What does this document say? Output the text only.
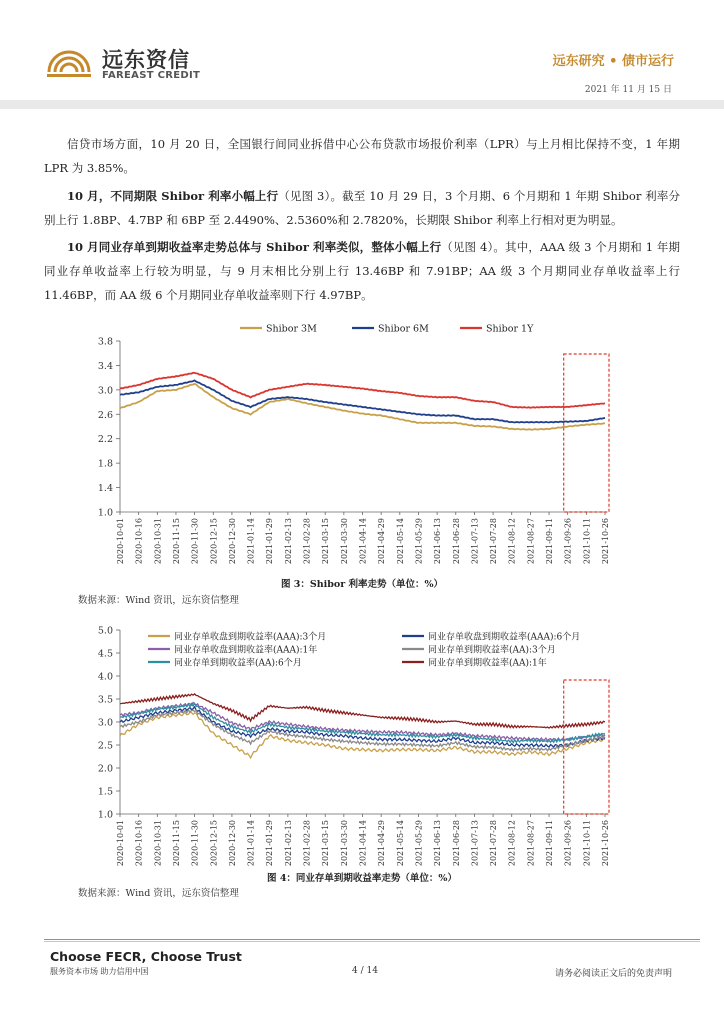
远东资信
FAREAST CREDIT
远东研究 • 债市运行
2021 年 11 月 15 日
信贷市场方面，10 月 20 日，全国银行间同业拆借中心公布贷款市场报价利率（LPR）与上月相比保持不变，1 年期 LPR 为 3.85%。
10 月，不同期限 Shibor 利率小幅上行（见图 3）。截至 10 月 29 日，3 个月期、6 个月期和 1 年期 Shibor 利率分别上行 1.8BP、4.7BP 和 6BP 至 2.4490%、2.5360%和 2.7820%，长期限 Shibor 利率上行相对更为明显。
10 月同业存单到期收益率走势总体与 Shibor 利率类似，整体小幅上行（见图 4）。其中，AAA 级 3 个月期和 1 年期同业存单收益率上行较为明显，与 9 月末相比分别上行 13.46BP 和 7.91BP；AA 级 3 个月期同业存单收益率上行 11.46BP，而 AA 级 6 个月期同业存单收益率则下行 4.97BP。
1.0
1.4
1.8
2.2
2.6
3.0
3.4
3.8
2020-10-01 2020-10-16 2020-10-31 2020-11-15 2020-11-30 2020-12-15 2020-12-30 2021-01-14 2021-01-29 2021-02-13 2021-02-28 2021-03-15 2021-03-30 2021-04-14 2021-04-29 2021-05-14 2021-05-29 2021-06-13 2021-06-28 2021-07-13 2021-07-28 2021-08-12 2021-08-27 2021-09-11 2021-09-26 2021-10-11 2021-10-26
Shibor 3M	Shibor 6M	Shibor 1Y
图 3：Shibor 利率走势（单位：%）
数据来源：Wind 资讯，远东资信整理
1.0
1.5
2.0
2.5
3.0
3.5
4.0
4.5
5.0
2020-10-01 2020-10-16 2020-10-31 2020-11-15 2020-11-30 2020-12-15 2020-12-30 2021-01-14 2021-01-29 2021-02-13 2021-02-28 2021-03-15 2021-03-30 2021-04-14 2021-04-29 2021-05-14 2021-05-29 2021-06-13 2021-06-28 2021-07-13 2021-07-28 2021-08-12 2021-08-27 2021-09-11 2021-09-26 2021-10-11 2021-10-26
同业存单收盘到期收益率(AAA):3个月	同业存单收盘到期收益率(AAA):6个月
同业存单收盘到期收益率(AAA):1年	同业存单到期收益率(AA):3个月
同业存单到期收益率(AA):6个月	同业存单到期收益率(AA):1年
图 4：同业存单到期收益率走势（单位：%）
数据来源：Wind 资讯，远东资信整理
Choose FECR, Choose Trust
服务资本市场 助力信用中国	4 / 14	请务必阅读正文后的免责声明
